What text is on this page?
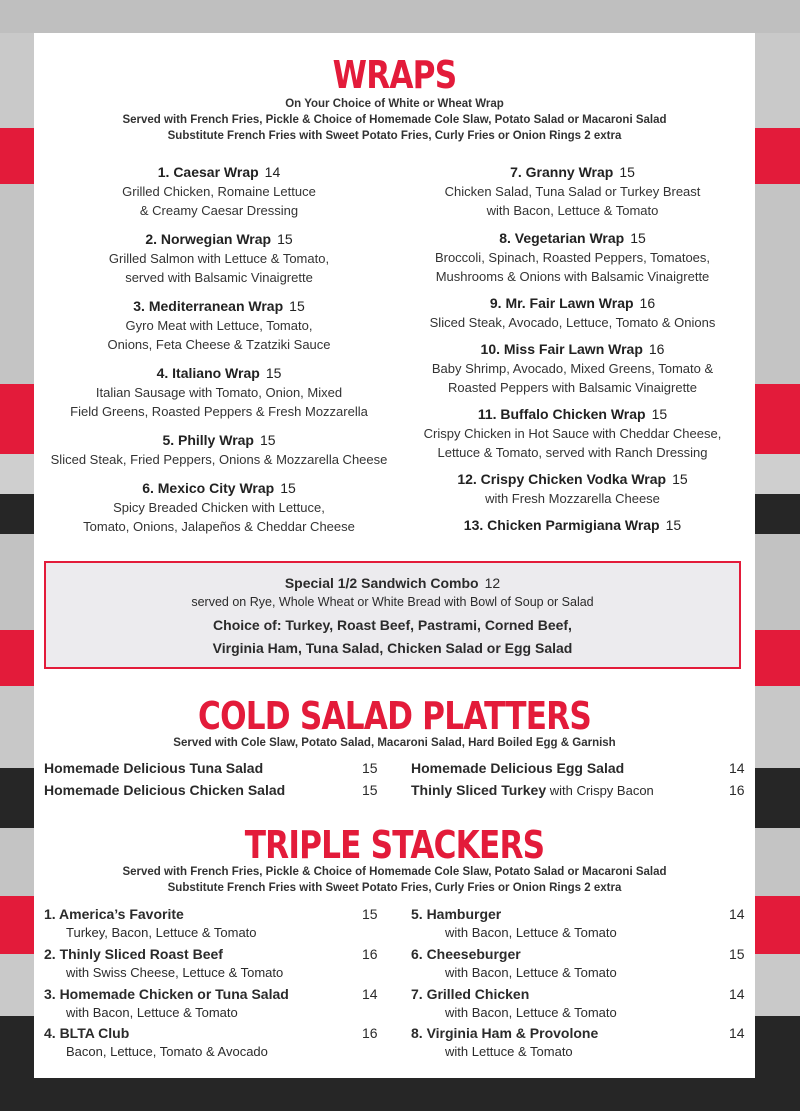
WRAPS
On Your Choice of White or Wheat Wrap
Served with French Fries, Pickle & Choice of Homemade Cole Slaw, Potato Salad or Macaroni Salad
Substitute French Fries with Sweet Potato Fries, Curly Fries or Onion Rings 2 extra
1. Caesar Wrap 14
Grilled Chicken, Romaine Lettuce
& Creamy Caesar Dressing
2. Norwegian Wrap 15
Grilled Salmon with Lettuce & Tomato,
served with Balsamic Vinaigrette
3. Mediterranean Wrap 15
Gyro Meat with Lettuce, Tomato,
Onions, Feta Cheese & Tzatziki Sauce
4. Italiano Wrap 15
Italian Sausage with Tomato, Onion, Mixed
Field Greens, Roasted Peppers & Fresh Mozzarella
5. Philly Wrap 15
Sliced Steak, Fried Peppers, Onions & Mozzarella Cheese
6. Mexico City Wrap 15
Spicy Breaded Chicken with Lettuce,
Tomato, Onions, Jalapeños & Cheddar Cheese
7. Granny Wrap 15
Chicken Salad, Tuna Salad or Turkey Breast
with Bacon, Lettuce & Tomato
8. Vegetarian Wrap 15
Broccoli, Spinach, Roasted Peppers, Tomatoes,
Mushrooms & Onions with Balsamic Vinaigrette
9. Mr. Fair Lawn Wrap 16
Sliced Steak, Avocado, Lettuce, Tomato & Onions
10. Miss Fair Lawn Wrap 16
Baby Shrimp, Avocado, Mixed Greens, Tomato &
Roasted Peppers with Balsamic Vinaigrette
11. Buffalo Chicken Wrap 15
Crispy Chicken in Hot Sauce with Cheddar Cheese,
Lettuce & Tomato, served with Ranch Dressing
12. Crispy Chicken Vodka Wrap 15
with Fresh Mozzarella Cheese
13. Chicken Parmigiana Wrap 15
Special 1/2 Sandwich Combo 12
served on Rye, Whole Wheat or White Bread with Bowl of Soup or Salad
Choice of: Turkey, Roast Beef, Pastrami, Corned Beef,
Virginia Ham, Tuna Salad, Chicken Salad or Egg Salad
COLD SALAD PLATTERS
Served with Cole Slaw, Potato Salad, Macaroni Salad, Hard Boiled Egg & Garnish
Homemade Delicious Tuna Salad	15
Homemade Delicious Chicken Salad	15
Homemade Delicious Egg Salad	14
Thinly Sliced Turkey with Crispy Bacon	16
TRIPLE STACKERS
Served with French Fries, Pickle & Choice of Homemade Cole Slaw, Potato Salad or Macaroni Salad
Substitute French Fries with Sweet Potato Fries, Curly Fries or Onion Rings 2 extra
1. America’s Favorite
Turkey, Bacon, Lettuce & Tomato
15
2. Thinly Sliced Roast Beef
with Swiss Cheese, Lettuce & Tomato
16
3. Homemade Chicken or Tuna Salad
with Bacon, Lettuce & Tomato
14
4. BLTA Club
Bacon, Lettuce, Tomato & Avocado
16
5. Hamburger
with Bacon, Lettuce & Tomato
14
6. Cheeseburger
with Bacon, Lettuce & Tomato
15
7. Grilled Chicken
with Bacon, Lettuce & Tomato
14
8. Virginia Ham & Provolone
with Lettuce & Tomato
14
